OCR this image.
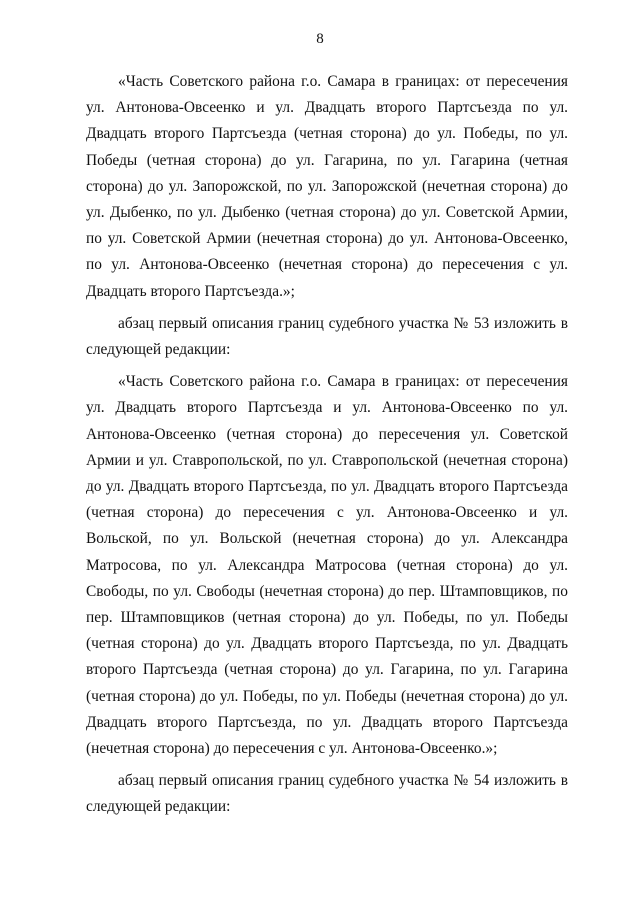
8

«Часть Советского района г.о. Самара в границах: от пересечения ул. Антонова-Овсеенко и ул. Двадцать второго Партсъезда по ул. Двадцать второго Партсъезда (четная сторона) до ул. Победы, по ул. Победы (четная сторона) до ул. Гагарина, по ул. Гагарина (четная сторона) до ул. Запорожской, по ул. Запорожской (нечетная сторона) до ул. Дыбенко, по ул. Дыбенко (четная сторона) до ул. Советской Армии, по ул. Советской Армии (нечетная сторона) до ул. Антонова-Овсеенко, по ул. Антонова-Овсеенко (нечетная сторона) до пересечения с ул. Двадцать второго Партсъезда.»;

абзац первый описания границ судебного участка № 53 изложить в следующей редакции:

«Часть Советского района г.о. Самара в границах: от пересечения ул. Двадцать второго Партсъезда и ул. Антонова-Овсеенко по ул. Антонова-Овсеенко (четная сторона) до пересечения ул. Советской Армии и ул. Ставропольской, по ул. Ставропольской (нечетная сторона) до ул. Двадцать второго Партсъезда, по ул. Двадцать второго Партсъезда (четная сторона) до пересечения с ул. Антонова-Овсеенко и ул. Вольской, по ул. Вольской (нечетная сторона) до ул. Александра Матросова, по ул. Александра Матросова (четная сторона) до ул. Свободы, по ул. Свободы (нечетная сторона) до пер. Штамповщиков, по пер. Штамповщиков (четная сторона) до ул. Победы, по ул. Победы (четная сторона) до ул. Двадцать второго Партсъезда, по ул. Двадцать второго Партсъезда (четная сторона) до ул. Гагарина, по ул. Гагарина (четная сторона) до ул. Победы, по ул. Победы (нечетная сторона) до ул. Двадцать второго Партсъезда, по ул. Двадцать второго Партсъезда (нечетная сторона) до пересечения с ул. Антонова-Овсеенко.»;

абзац первый описания границ судебного участка № 54 изложить в следующей редакции:
